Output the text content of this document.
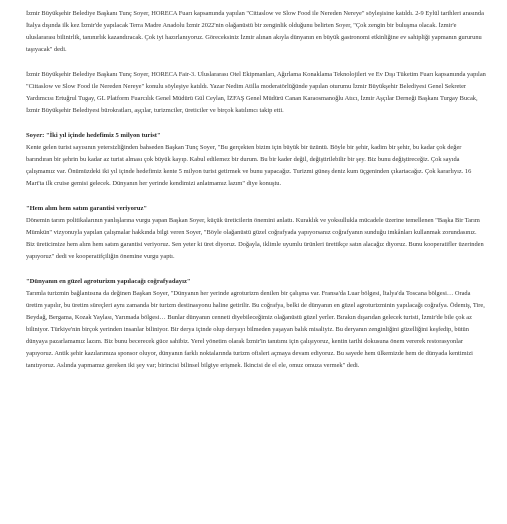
İzmir Büyükşehir Belediye Başkanı Tunç Soyer, HORECA Fuarı kapsamında yapılan "Cittaslow ve Slow Food ile Nereden Nereye" söyleşisine katıldı. 2-9 Eylül tarihleri arasında İtalya dışında ilk kez İzmir'de yapılacak Terra Madre Anadolu İzmir 2022'nin olağanüstü bir zenginlik olduğunu belirten Soyer, "Çok zengin bir buluşma olacak. İzmir'e uluslararası bilinirlik, tanınırlık kazandıracak. Çok iyi hazırlanıyoruz. Göreceksiniz İzmir alınan akıyla dünyanın en büyük gastronomi etkinliğine ev sahipliği yapmanın gururunu taşıyacak" dedi.

İzmir Büyükşehir Belediye Başkanı Tunç Soyer, HORECA Fair-3. Uluslararası Otel Ekipmanları, Ağırlama Konaklama Teknolojileri ve Ev Dışı Tüketim Fuarı kapsamında yapılan "Cittaslow ve Slow Food ile Nereden Nereye" konulu söyleşiye katıldı. Yazar Nedim Atilla moderatörlüğünde yapılan oturumu İzmir Büyükşehir Belediyesi Genel Sekreter Yardımcısı Ertuğrul Tugay, GL Platform Fuarcılık Genel Müdürü Gül Ceylan, İZFAŞ Genel Müdürü Canan Karaosmanoğlu Atıcı, İzmir Aşçılar Derneği Başkanı Turgay Bucak, İzmir Büyükşehir Belediyesi bürokratları, aşçılar, turizmciler, üreticiler ve birçok katılımcı takip etti.

Soyer: "İki yıl içinde hedefimiz 5 milyon turist"

Kente gelen turist sayısının yetersizliğinden bahseden Başkan Tunç Soyer, "Bu gerçekten bizim için büyük bir üzüntü. Böyle bir şehir, kadim bir şehir, bu kadar çok değer barındıran bir şehrin bu kadar az turist alması çok büyük kayıp. Kabul edilemez bir durum. Bu bir kader değil, değiştirilebilir bir şey. Biz bunu değiştireceğiz. Çok sayıda çalışmamız var. Önümüzdeki iki yıl içinde hedefimiz kente 5 milyon turist getirmek ve bunu yapacağız. Turizmi güneş deniz kum üçgeninden çıkartacağız. Çok kararlıyız. 16 Mart'ta ilk cruise gemisi gelecek. Dünyanın her yerinde kendimizi anlatmamız lazım" diye konuştu.

"Hem alım hem satım garantisi veriyoruz"

Dönemin tarım politikalarının yanlışlarına vurgu yapan Başkan Soyer, küçük üreticilerin önemini anlattı. Kuraklık ve yoksullukla mücadele üzerine temellenen "Başka Bir Tarım Mümkün" vizyonuyla yapılan çalışmalar hakkında bilgi veren Soyer, "Böyle olağanüstü güzel coğrafyada yapıyorsanız coğrafyanın sunduğu imkânları kullanmak zorundasınız. Biz üreticimize hem alım hem satım garantisi veriyoruz. Sen yeter ki üret diyoruz. Doğayla, iklimle uyumlu ürünleri ürettikçe satın alacağız diyoruz. Bunu kooperatifler üzerinden yapıyoruz" dedi ve kooperatifçiliğin önemine vurgu yaptı.

"Dünyanın en güzel agroturizm yapılacağı coğrafyadayız"

Tarımla turizmin bağlantısına da değinen Başkan Soyer, "Dünyanın her yerinde agroturizm denilen bir çalışma var. Fransa'da Luar bölgesi, İtalya'da Toscana bölgesi… Orada üretim yapılır, bu üretim süreçleri aynı zamanda bir turizm destinasyonu haline getirilir. Bu coğrafya, belki de dünyanın en güzel agroturizminin yapılacağı coğrafya. Ödemiş, Tire, Beydağ, Bergama, Kozak Yaylası, Yarımada bölgesi… Bunlar dünyanın cenneti diyebileceğimiz olağanüstü güzel yerler. Bırakın dışarıdan gelecek turisti, İzmir'de bile çok az biliniyor. Türkiye'nin birçok yerinden insanlar biliniyor. Bir derya içinde olup deryayı bilmeden yaşayan balık misaliyiz. Bu deryanın zenginliğini güzelliğini keşfedip, bütün dünyaya pazarlamamız lazım. Biz bunu becerecek güce sahibiz. Yerel yönetim olarak İzmir'in tanıtımı için çalışıyoruz, kentin tarihi dokusuna önem vererek restorasyonlar yapıyoruz. Antik şehir kazılarımıza sponsor oluyor, dünyanın farklı noktalarında turizm ofisleri açmaya devam ediyoruz. Bu sayede hem ülkemizde hem de dünyada kentimizi tanıtıyoruz. Aslında yapmamız gereken iki şey var; birincisi bilinsel bilgiye erişmek. İkincisi de el ele, omuz omuza vermek" dedi.
